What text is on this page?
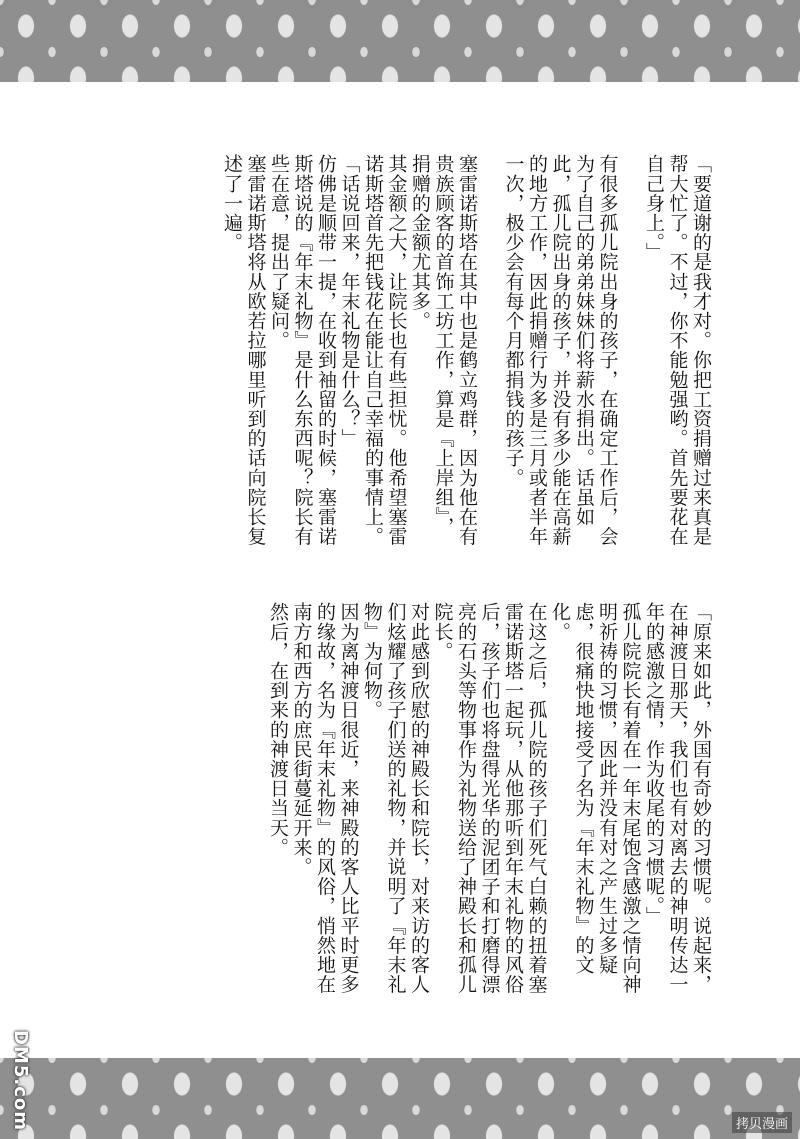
「要道谢的是我才对。你把工资捐赠过来真是帮大忙了。不过，你不能勉强哟。首先要花在自己身上。」

有很多孤儿院出身的孩子，在确定工作后，会为了自己的弟弟妹妹们将薪水捐出。话虽如此，孤儿院出身的孩子，并没有多少能在高薪的地方工作，因此捐赠行为多是三月或者半年一次，极少会有每个月都捐钱的孩子。

塞雷诺斯塔在其中也是鹤立鸡群，因为他在有贵族顾客的首饰工坊工作，算是『上岸组』，捐赠的金额尤其多。

其金额之大，让院长也有些担忧。他希望塞雷诺斯塔首先把钱花在能让自己幸福的事情上。

「话说回来，年末礼物是什么？」

仿佛是顺带一提，在收到袖留的时候，塞雷诺斯塔说的『年末礼物』是什么东西呢？院长有些在意，提出了疑问。

塞雷诺斯塔将从欧若拉哪里听到的话向院长复述了一遍。

「原来如此，外国有奇妙的习惯呢。说起来，在神渡日那天，我们也有对离去的神明传达一年的感激之情，作为收尾的习惯呢。」

孤儿院院长有着在一年末尾饱含感激之情向神明祈祷的习惯，因此并没有对之产生过多疑虑，很痛快地接受了名为『年末礼物』的文化。

在这之后，孤儿院的孩子们死气白赖的扭着塞雷诺斯塔一起玩，从他那听到年末礼物的风俗后，孩子们也将盘得光华的泥团子和打磨得漂亮的石头等物事作为礼物送给了神殿长和孤儿院长。

对此感到欣慰的神殿长和院长，对来访的客人们炫耀了孩子们送的礼物，并说明了『年末礼物』为何物。

因为离神渡日很近，来神殿的客人比平时更多的缘故，名为『年末礼物』的风俗，悄然地在南方和西方的庶民街蔓延开来。

然后，在到来的神渡日当天。

DM5.com	拷贝漫画
